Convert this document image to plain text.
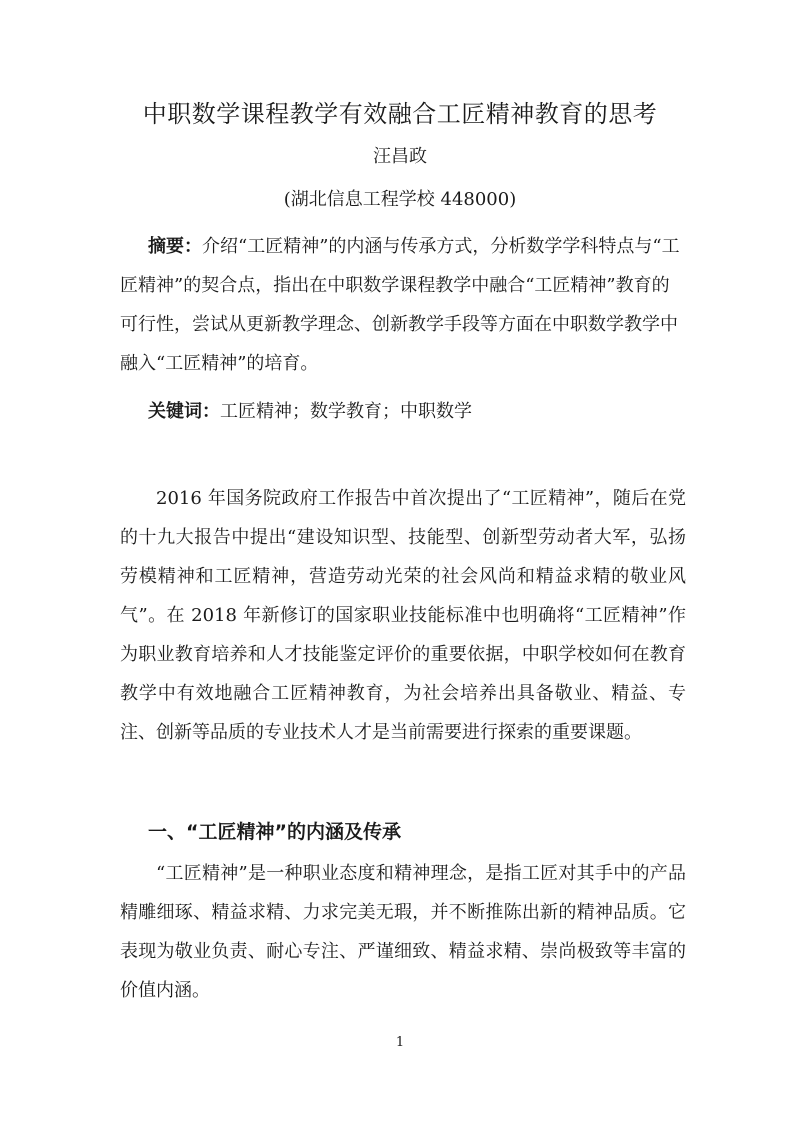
中职数学课程教学有效融合工匠精神教育的思考
汪昌政
(湖北信息工程学校 448000)
摘要：介绍“工匠精神”的内涵与传承方式，分析数学学科特点与“工匠精神”的契合点，指出在中职数学课程教学中融合“工匠精神”教育的可行性，尝试从更新教学理念、创新教学手段等方面在中职数学教学中融入“工匠精神”的培育。
关键词：工匠精神；数学教育；中职数学
2016 年国务院政府工作报告中首次提出了“工匠精神”，随后在党的十九大报告中提出“建设知识型、技能型、创新型劳动者大军，弘扬劳模精神和工匠精神，营造劳动光荣的社会风尚和精益求精的敬业风气”。在 2018 年新修订的国家职业技能标准中也明确将“工匠精神”作为职业教育培养和人才技能鉴定评价的重要依据，中职学校如何在教育教学中有效地融合工匠精神教育，为社会培养出具备敬业、精益、专注、创新等品质的专业技术人才是当前需要进行探索的重要课题。
一、“工匠精神”的内涵及传承
“工匠精神”是一种职业态度和精神理念，是指工匠对其手中的产品精雕细琢、精益求精、力求完美无瑕，并不断推陈出新的精神品质。它表现为敬业负责、耐心专注、严谨细致、精益求精、崇尚极致等丰富的价值内涵。
1
